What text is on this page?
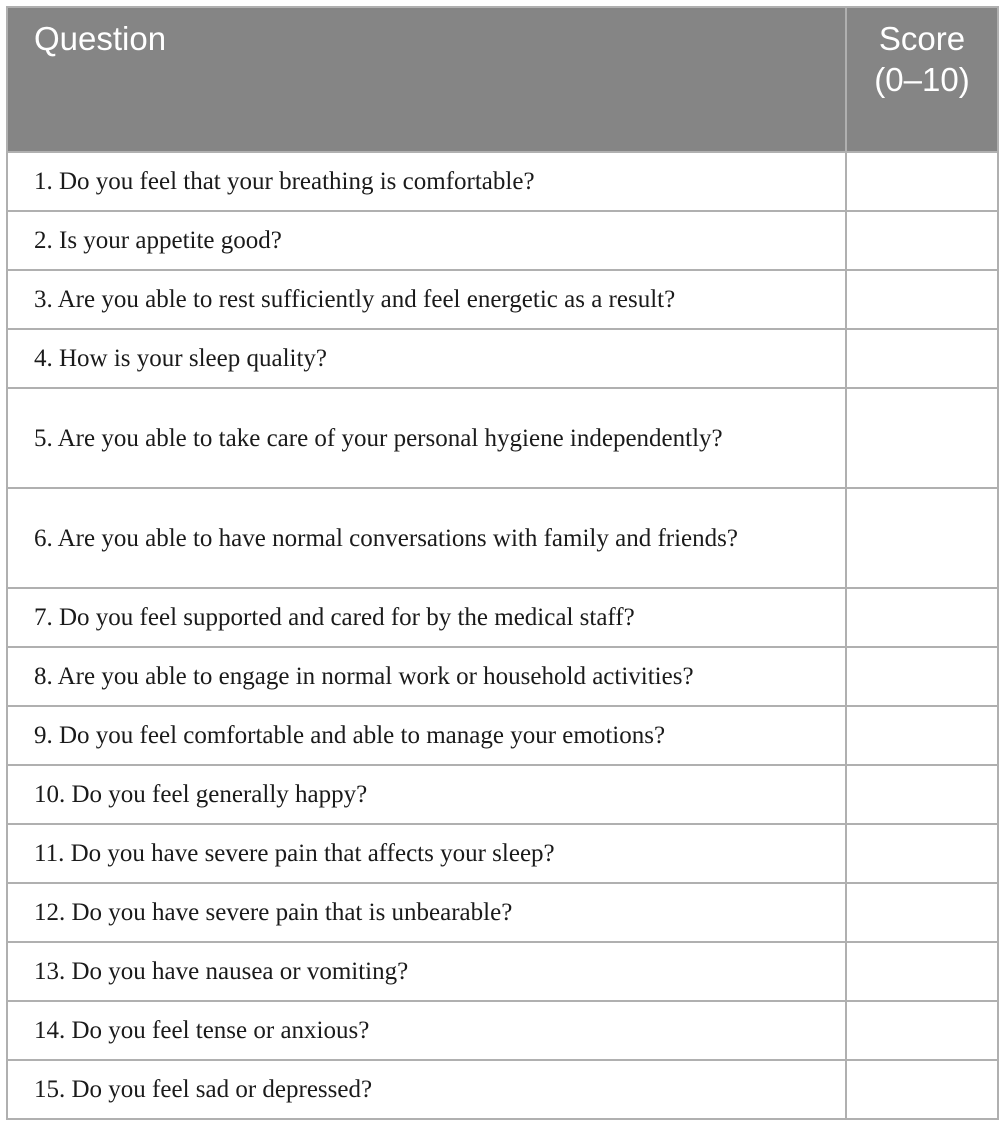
Question	Score (0–10)

1. Do you feel that your breathing is comfortable?	
2. Is your appetite good?	
3. Are you able to rest sufficiently and feel energetic as a result?	
4. How is your sleep quality?	
5. Are you able to take care of your personal hygiene independently?	
6. Are you able to have normal conversations with family and friends?	
7. Do you feel supported and cared for by the medical staff?	
8. Are you able to engage in normal work or household activities?	
9. Do you feel comfortable and able to manage your emotions?	
10. Do you feel generally happy?	
11. Do you have severe pain that affects your sleep?	
12. Do you have severe pain that is unbearable?	
13. Do you have nausea or vomiting?	
14. Do you feel tense or anxious?	
15. Do you feel sad or depressed?	
